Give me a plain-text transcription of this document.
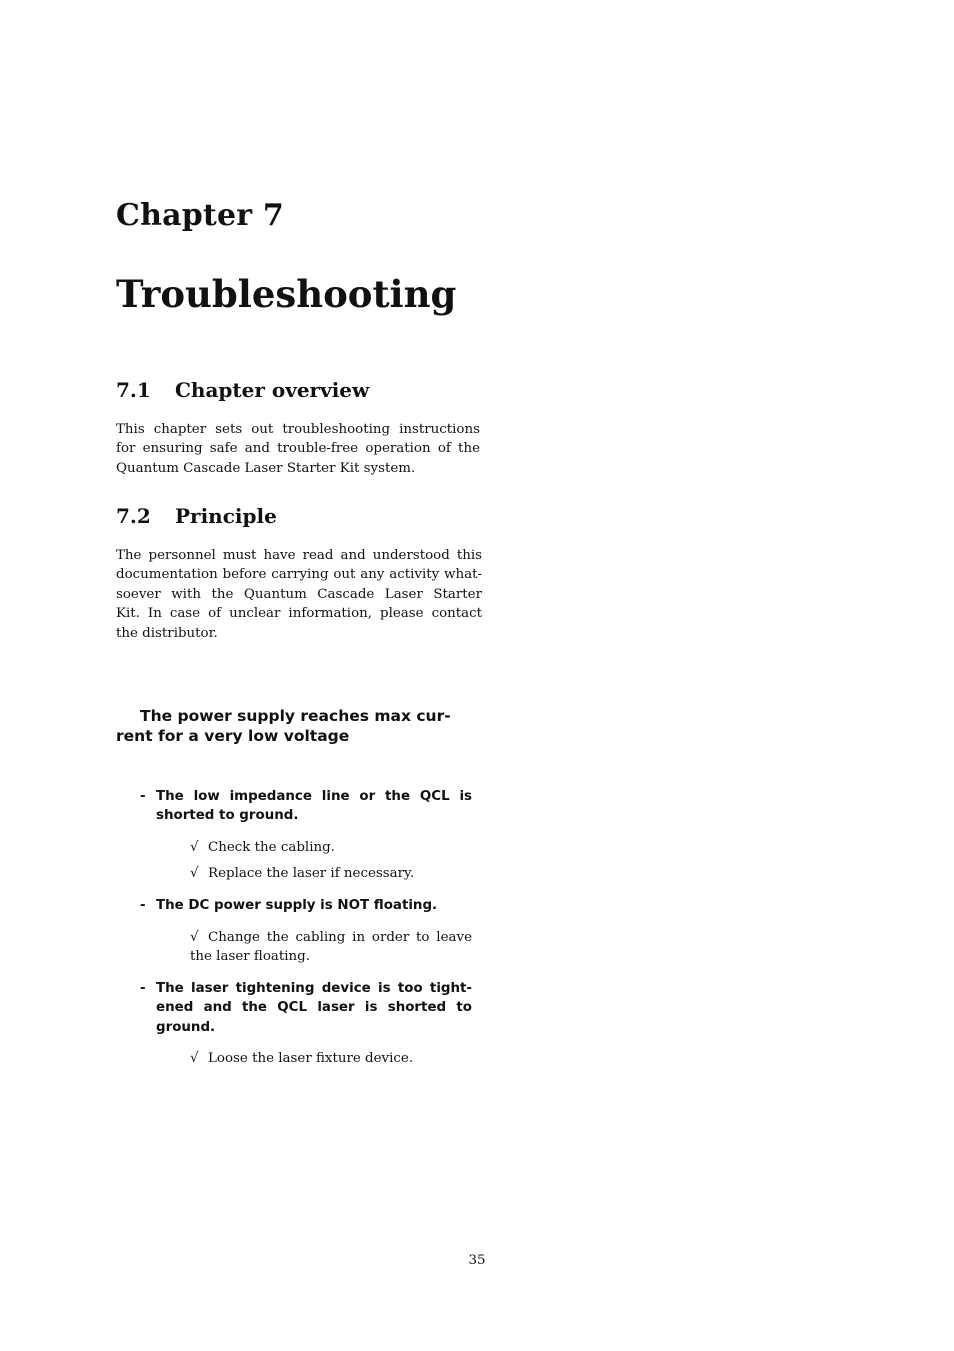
Chapter 7
Troubleshooting
7.1 Chapter overview

This chapter sets out troubleshooting instructions
for ensuring safe and trouble-free operation of the
Quantum Cascade Laser Starter Kit system.

7.2 Principle

The personnel must have read and understood this
documentation before carrying out any activity what-
soever with the Quantum Cascade Laser Starter
Kit. In case of unclear information, please contact
the distributor.

The power supply reaches max cur-
rent for a very low voltage
- The low impedance line or the QCL is
shorted to ground.
√ Check the cabling.
√ Replace the laser if necessary.
- The DC power supply is NOT floating.
√ Change the cabling in order to leave
the laser floating.
- The laser tightening device is too tight-
ened and the QCL laser is shorted to
ground.
√ Loose the laser fixture device.
35
